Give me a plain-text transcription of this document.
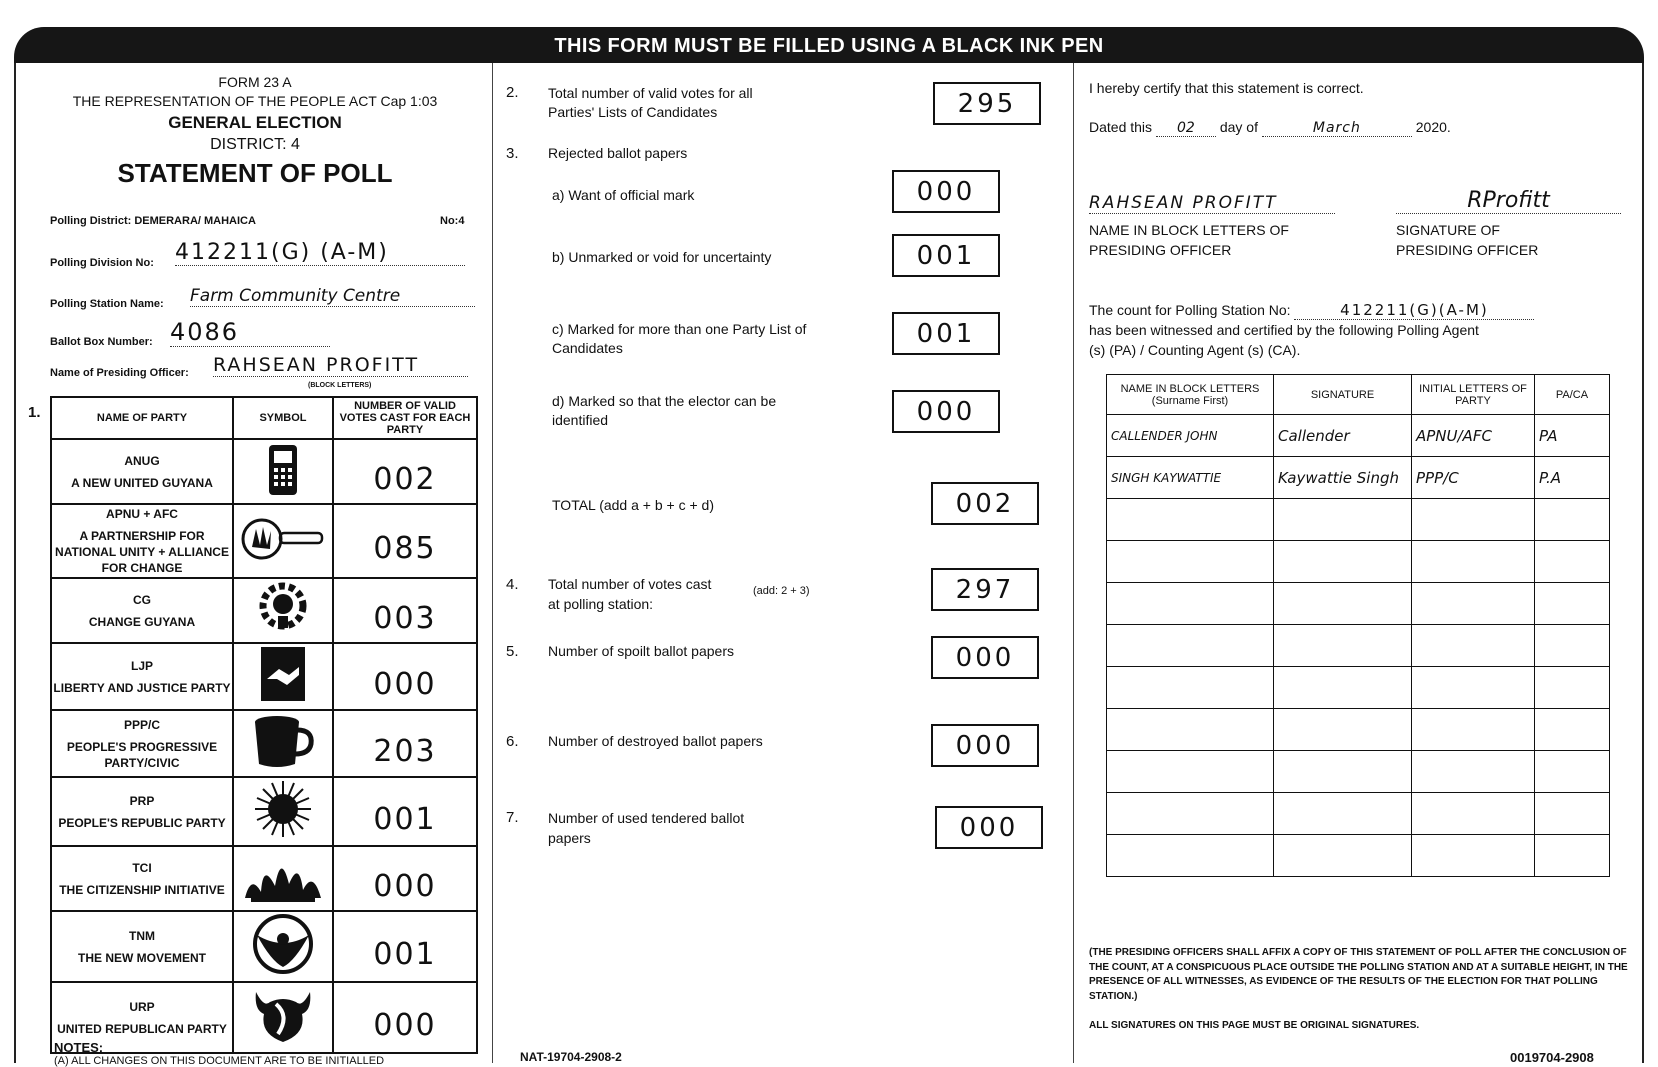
THIS FORM MUST BE FILLED USING A BLACK INK PEN
FORM 23 A
THE REPRESENTATION OF THE PEOPLE ACT Cap 1:03
GENERAL ELECTION
DISTRICT: 4
STATEMENT OF POLL
Polling District: DEMERARA/ MAHAICA	No:4
Polling Division No: 412211(G) (A-M)
Polling Station Name: Farm Community Centre
Ballot Box Number: 4086
Name of Presiding Officer: RAHSEAN PROFITT
(BLOCK LETTERS)
1.	NAME OF PARTY	SYMBOL	NUMBER OF VALID VOTES CAST FOR EACH PARTY

ANUG
A NEW UNITED GUYANA		002

APNU + AFC
A PARTNERSHIP FOR NATIONAL UNITY + ALLIANCE FOR CHANGE		085

CG
CHANGE GUYANA		003

LJP
LIBERTY AND JUSTICE PARTY		000

PPP/C
PEOPLE'S PROGRESSIVE PARTY/CIVIC		203

PRP
PEOPLE'S REPUBLIC PARTY		001

TCI
THE CITIZENSHIP INITIATIVE		000

TNM
THE NEW MOVEMENT		001

URP
UNITED REPUBLICAN PARTY		000
NOTES:
(A) ALL CHANGES ON THIS DOCUMENT ARE TO BE INITIALLED
2. Total number of valid votes for all Parties' Lists of Candidates	295
3. Rejected ballot papers
a) Want of official mark	000
b) Unmarked or void for uncertainty	001
c) Marked for more than one Party List of Candidates	001
d) Marked so that the elector can be identified	000
TOTAL (add a + b + c + d)	002
4. Total number of votes cast at polling station:
(add: 2 + 3)	297
5. Number of spoilt ballot papers	000
6. Number of destroyed ballot papers	000
7. Number of used tendered ballot papers	000
NAT-19704-2908-2
I hereby certify that this statement is correct.
Dated this 02 day of	March	2020.
RAHSEAN PROFITT	RProfitt
NAME IN BLOCK LETTERS OF PRESIDING OFFICER
SIGNATURE OF PRESIDING OFFICER
The count for Polling Station No:	412211(G)(A-M)
has been witnessed and certified by the following Polling Agent (s) (PA) / Counting Agent (s) (CA).
NAME IN BLOCK LETTERS (Surname First)	SIGNATURE	INITIAL LETTERS OF PARTY	PA/CA
CALLENDER JOHN	Callender	APNU/AFC	PA
SINGH KAYWATTIE	Kaywattie Singh	PPP/C	P.A

(THE PRESIDING OFFICERS SHALL AFFIX A COPY OF THIS STATEMENT OF POLL AFTER THE CONCLUSION OF THE COUNT, AT A CONSPICUOUS PLACE OUTSIDE THE POLLING STATION AND AT A SUITABLE HEIGHT, IN THE PRESENCE OF ALL WITNESSES, AS EVIDENCE OF THE RESULTS OF THE ELECTION FOR THAT POLLING STATION.)
ALL SIGNATURES ON THIS PAGE MUST BE ORIGINAL SIGNATURES.
0019704-2908
